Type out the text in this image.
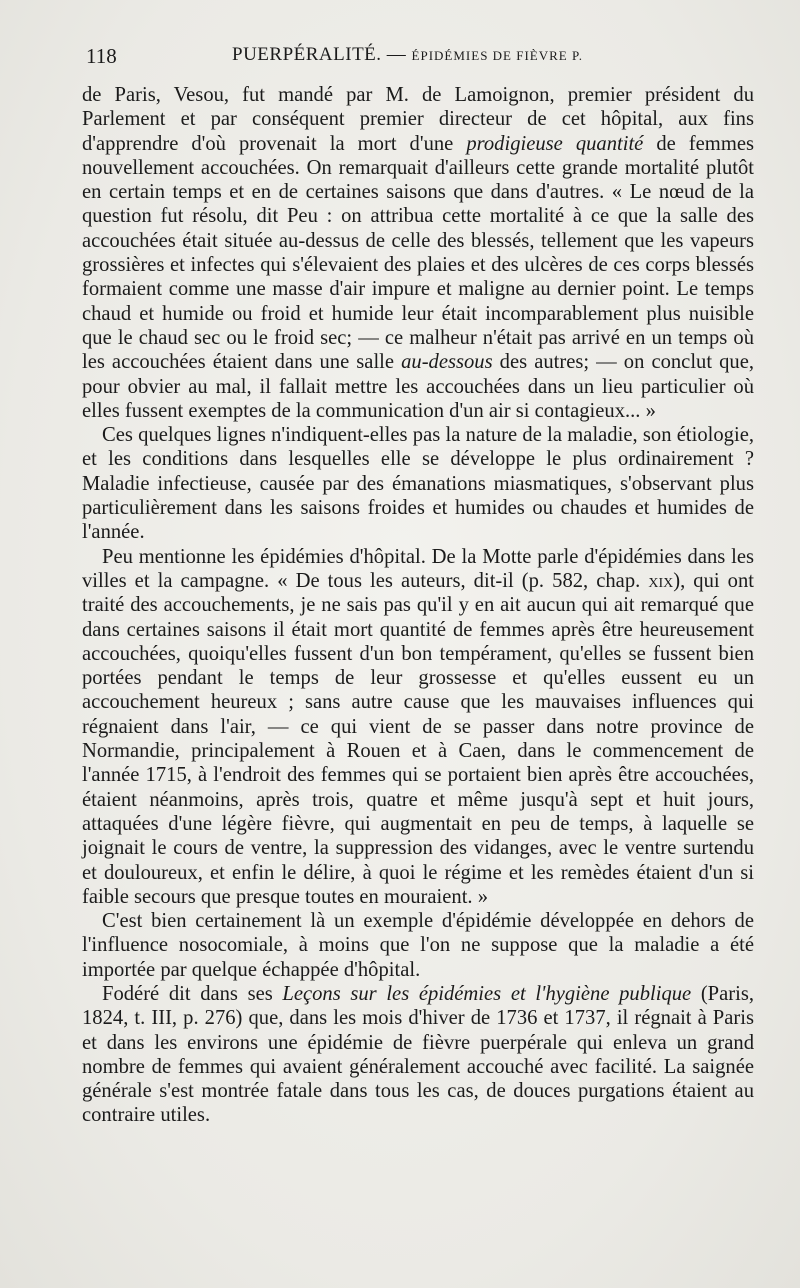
118	PUERPÉRALITÉ. — ÉPIDÉMIES DE FIÈVRE P.

de Paris, Vesou, fut mandé par M. de Lamoignon, premier président du Parlement et par conséquent premier directeur de cet hôpital, aux fins d'apprendre d'où provenait la mort d'une prodigieuse quantité de femmes nouvellement accouchées. On remarquait d'ailleurs cette grande mortalité plutôt en certain temps et en de certaines saisons que dans d'autres. « Le nœud de la question fut résolu, dit Peu : on attribua cette mortalité à ce que la salle des accouchées était située au-dessus de celle des blessés, tellement que les vapeurs grossières et infectes qui s'élevaient des plaies et des ulcères de ces corps blessés formaient comme une masse d'air impure et maligne au dernier point. Le temps chaud et humide ou froid et humide leur était incomparablement plus nuisible que le chaud sec ou le froid sec; — ce malheur n'était pas arrivé en un temps où les accouchées étaient dans une salle au-dessous des autres; — on conclut que, pour obvier au mal, il fallait mettre les accouchées dans un lieu particulier où elles fussent exemptes de la communication d'un air si contagieux... »

Ces quelques lignes n'indiquent-elles pas la nature de la maladie, son étiologie, et les conditions dans lesquelles elle se développe le plus ordinairement ? Maladie infectieuse, causée par des émanations miasmatiques, s'observant plus particulièrement dans les saisons froides et humides ou chaudes et humides de l'année.

Peu mentionne les épidémies d'hôpital. De la Motte parle d'épidémies dans les villes et la campagne. « De tous les auteurs, dit-il (p. 582, chap. xix), qui ont traité des accouchements, je ne sais pas qu'il y en ait aucun qui ait remarqué que dans certaines saisons il était mort quantité de femmes après être heureusement accouchées, quoiqu'elles fussent d'un bon tempérament, qu'elles se fussent bien portées pendant le temps de leur grossesse et qu'elles eussent eu un accouchement heureux ; sans autre cause que les mauvaises influences qui régnaient dans l'air, — ce qui vient de se passer dans notre province de Normandie, principalement à Rouen et à Caen, dans le commencement de l'année 1715, à l'endroit des femmes qui se portaient bien après être accouchées, étaient néanmoins, après trois, quatre et même jusqu'à sept et huit jours, attaquées d'une légère fièvre, qui augmentait en peu de temps, à laquelle se joignait le cours de ventre, la suppression des vidanges, avec le ventre surtendu et douloureux, et enfin le délire, à quoi le régime et les remèdes étaient d'un si faible secours que presque toutes en mouraient. »

C'est bien certainement là un exemple d'épidémie développée en dehors de l'influence nosocomiale, à moins que l'on ne suppose que la maladie a été importée par quelque échappée d'hôpital.

Fodéré dit dans ses Leçons sur les épidémies et l'hygiène publique (Paris, 1824, t. III, p. 276) que, dans les mois d'hiver de 1736 et 1737, il régnait à Paris et dans les environs une épidémie de fièvre puerpérale qui enleva un grand nombre de femmes qui avaient généralement accouché avec facilité. La saignée générale s'est montrée fatale dans tous les cas, de douces purgations étaient au contraire utiles.
